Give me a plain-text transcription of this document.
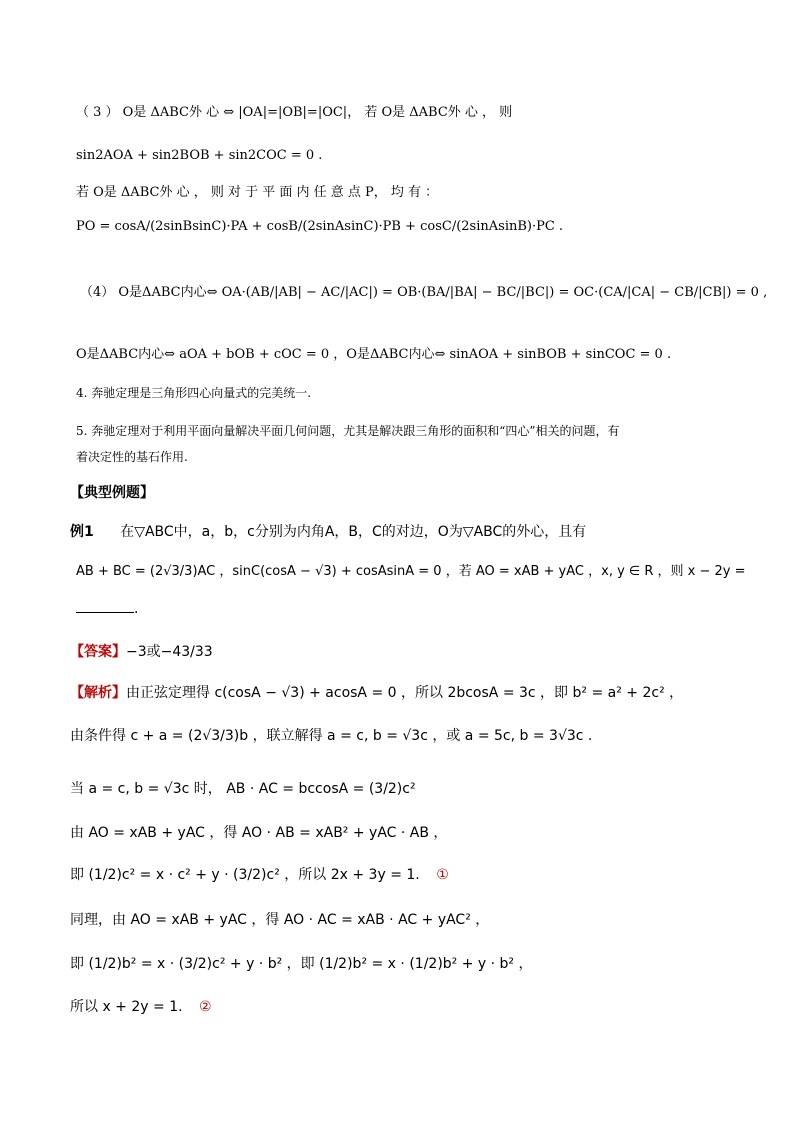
（ 3 ） O是 ΔABC外 心 ⇔ |OA|=|OB|=|OC|， 若 O是 ΔABC外 心 ， 则
sin2AOA + sin2BOB + sin2COC = 0 .
若 O是 ΔABC外 心 ， 则 对 于 平 面 内 任 意 点 P， 均 有 ：
PO = cosA/(2sinBsinC)·PA + cosB/(2sinAsinC)·PB + cosC/(2sinAsinB)·PC .
（4） O是ΔABC内心⇔ OA·(AB/|AB| − AC/|AC|) = OB·(BA/|BA| − BC/|BC|) = OC·(CA/|CA| − CB/|CB|) = 0 ,
O是ΔABC内心⇔ aOA + bOB + cOC = 0 ，O是ΔABC内心⇔ sinAOA + sinBOB + sinCOC = 0 .
4. 奔驰定理是三角形四心向量式的完美统一.
5. 奔驰定理对于利用平面向量解决平面几何问题，尤其是解决跟三角形的面积和“四心”相关的问题，有
着决定性的基石作用.
【典型例题】
例1 在▽ABC中，a，b，c分别为内角A，B，C的对边，O为▽ABC的外心，且有
AB + BC = (2√3/3)AC ，sinC(cosA − √3) + cosAsinA = 0 ，若 AO = xAB + yAC ，x, y ∈ R ，则 x − 2y =
.
【答案】−3或−43/33
【解析】由正弦定理得 c(cosA − √3) + acosA = 0 ，所以 2bcosA = 3c ，即 b² = a² + 2c² ，
由条件得 c + a = (2√3/3)b ，联立解得 a = c, b = √3c ，或 a = 5c, b = 3√3c .
当 a = c, b = √3c 时， AB · AC = bccosA = (3/2)c²
由 AO = xAB + yAC ，得 AO · AB = xAB² + yAC · AB ，
即 (1/2)c² = x · c² + y · (3/2)c² ，所以 2x + 3y = 1. ①
同理，由 AO = xAB + yAC ，得 AO · AC = xAB · AC + yAC² ，
即 (1/2)b² = x · (3/2)c² + y · b² ，即 (1/2)b² = x · (1/2)b² + y · b² ，
所以 x + 2y = 1. ②
